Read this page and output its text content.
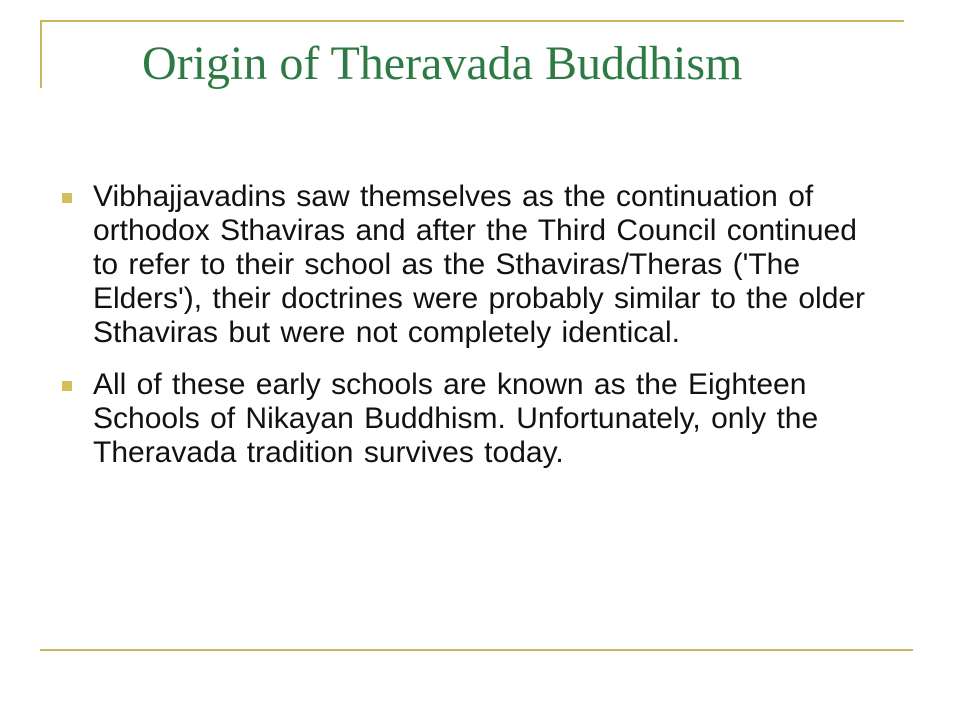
Origin of Theravada Buddhism
Vibhajjavadins saw themselves as the continuation of orthodox Sthaviras and after the Third Council continued to refer to their school as the Sthaviras/Theras ('The Elders'), their doctrines were probably similar to the older Sthaviras but were not completely identical.
All of these early schools are known as the Eighteen Schools of Nikayan Buddhism. Unfortunately, only the Theravada tradition survives today.
